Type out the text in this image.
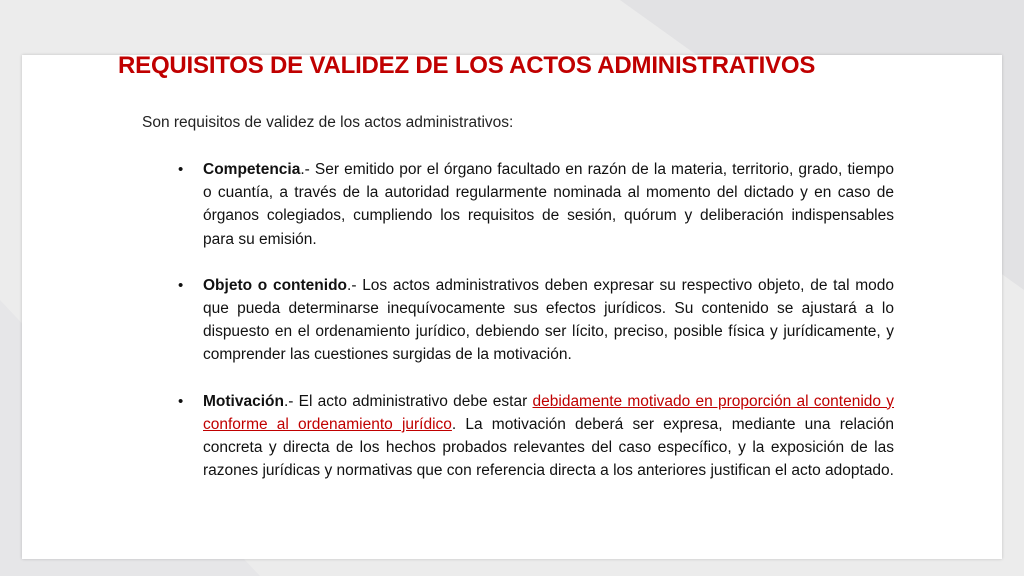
REQUISITOS DE VALIDEZ DE LOS ACTOS ADMINISTRATIVOS

Son requisitos de validez de los actos administrativos:

• Competencia.- Ser emitido por el órgano facultado en razón de la materia, territorio, grado, tiempo o cuantía, a través de la autoridad regularmente nominada al momento del dictado y en caso de órganos colegiados, cumpliendo los requisitos de sesión, quórum y deliberación indispensables para su emisión.
• Objeto o contenido.- Los actos administrativos deben expresar su respectivo objeto, de tal modo que pueda determinarse inequívocamente sus efectos jurídicos. Su contenido se ajustará a lo dispuesto en el ordenamiento jurídico, debiendo ser lícito, preciso, posible física y jurídicamente, y comprender las cuestiones surgidas de la motivación.
• Motivación.- El acto administrativo debe estar debidamente motivado en proporción al contenido y conforme al ordenamiento jurídico. La motivación deberá ser expresa, mediante una relación concreta y directa de los hechos probados relevantes del caso específico, y la exposición de las razones jurídicas y normativas que con referencia directa a los anteriores justifican el acto adoptado.
